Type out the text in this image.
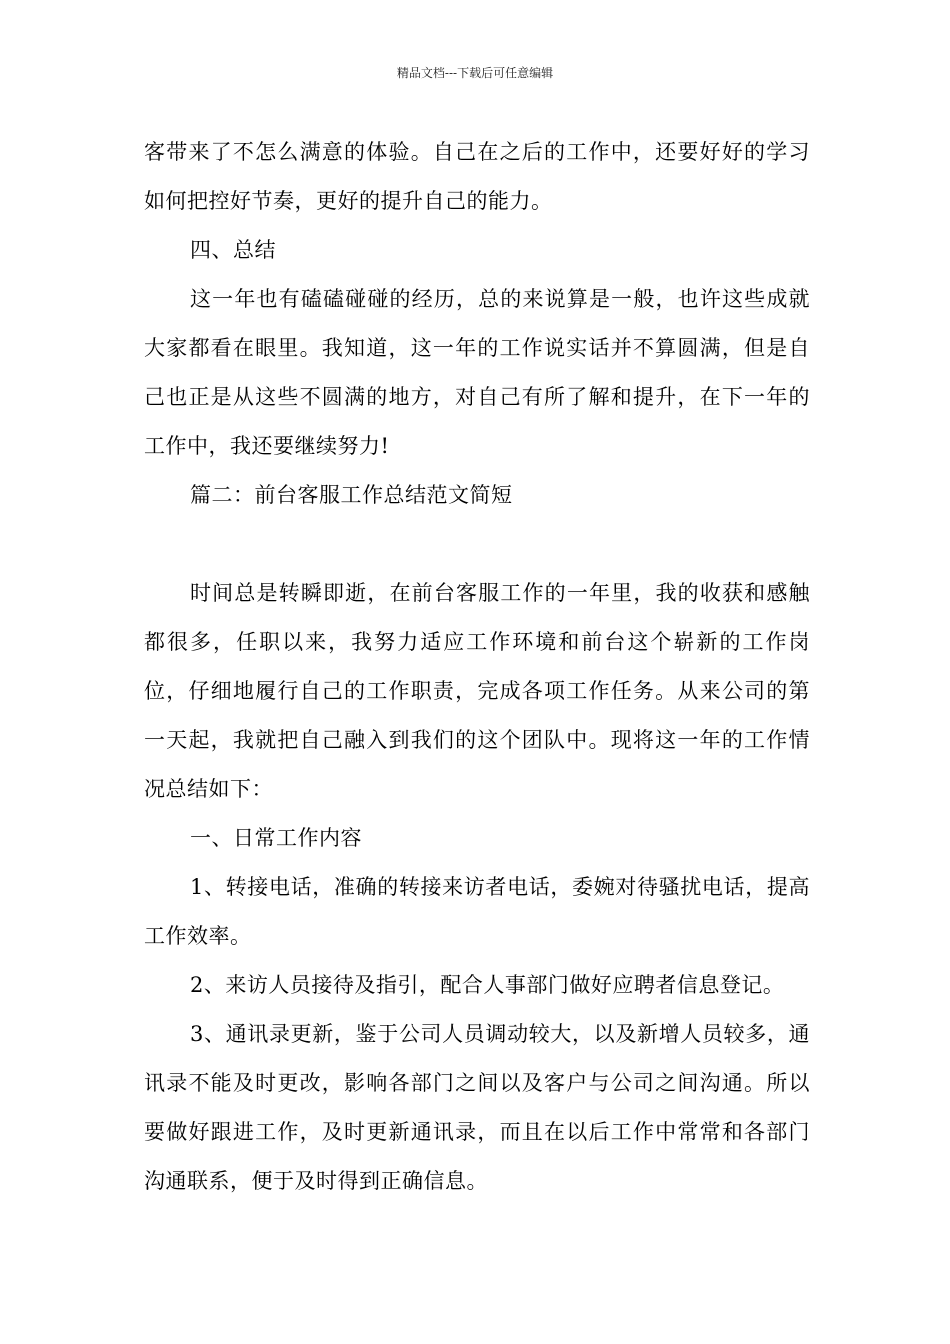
精品文档---下载后可任意编辑

客带来了不怎么满意的体验。自己在之后的工作中，还要好好的学习如何把控好节奏，更好的提升自己的能力。

四、总结

这一年也有磕磕碰碰的经历，总的来说算是一般，也许这些成就大家都看在眼里。我知道，这一年的工作说实话并不算圆满，但是自己也正是从这些不圆满的地方，对自己有所了解和提升，在下一年的工作中，我还要继续努力!

篇二：前台客服工作总结范文简短

时间总是转瞬即逝，在前台客服工作的一年里，我的收获和感触都很多，任职以来，我努力适应工作环境和前台这个崭新的工作岗位，仔细地履行自己的工作职责，完成各项工作任务。从来公司的第一天起，我就把自己融入到我们的这个团队中。现将这一年的工作情况总结如下：

一、日常工作内容

1、转接电话，准确的转接来访者电话，委婉对待骚扰电话，提高工作效率。

2、来访人员接待及指引，配合人事部门做好应聘者信息登记。

3、通讯录更新，鉴于公司人员调动较大，以及新增人员较多，通讯录不能及时更改，影响各部门之间以及客户与公司之间沟通。所以要做好跟进工作，及时更新通讯录，而且在以后工作中常常和各部门沟通联系，便于及时得到正确信息。
